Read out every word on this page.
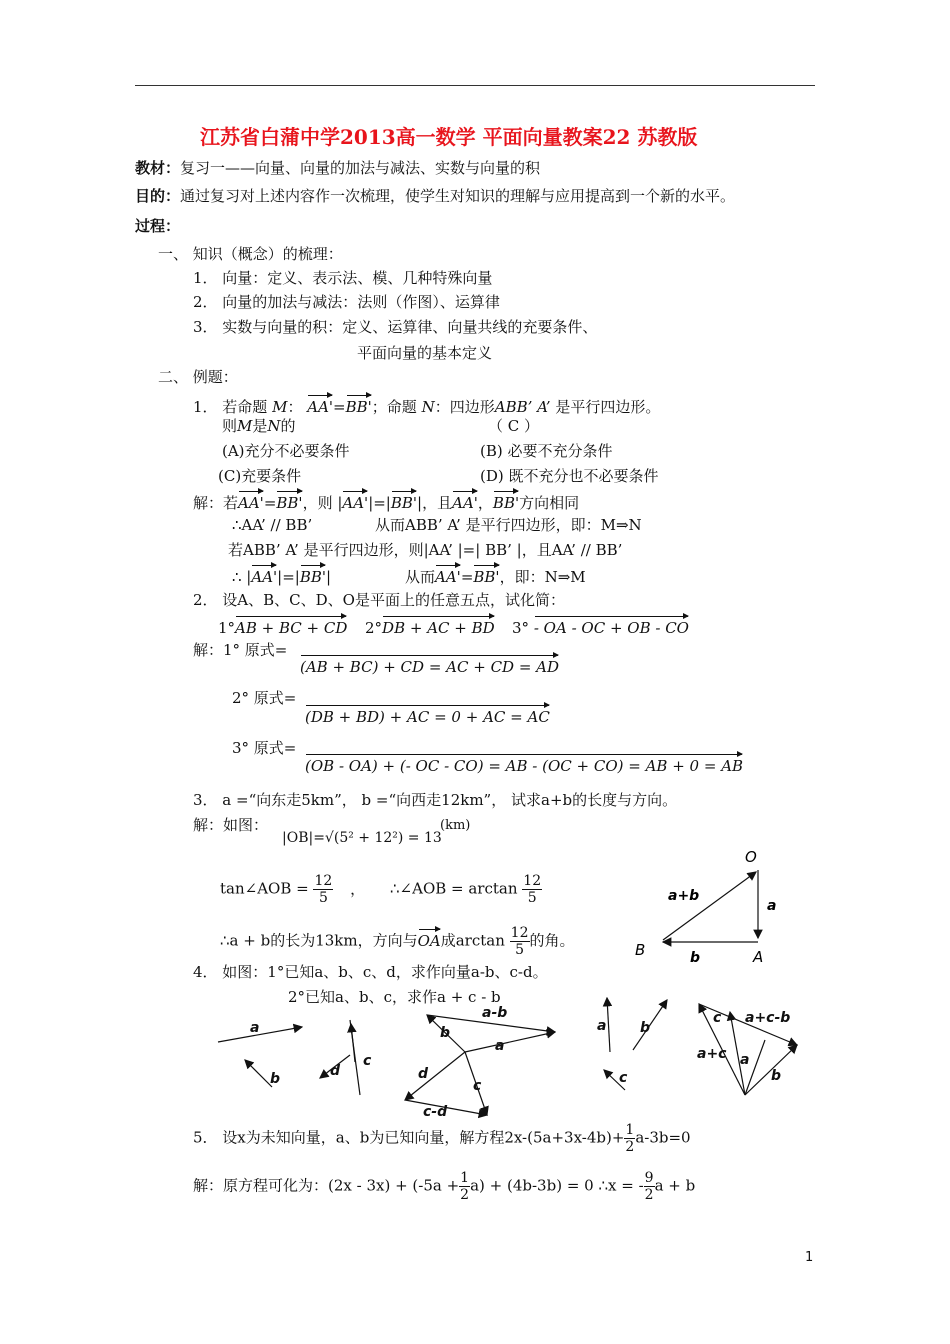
江苏省白蒲中学2013高一数学 平面向量教案22 苏教版
教材：复习一——向量、向量的加法与减法、实数与向量的积
目的：通过复习对上述内容作一次梳理，使学生对知识的理解与应用提高到一个新的水平。
过程：
一、 知识（概念）的梳理：
1． 向量：定义、表示法、模、几种特殊向量
2． 向量的加法与减法：法则（作图）、运算律
3． 实数与向量的积：定义、运算律、向量共线的充要条件、
平面向量的基本定义
二、 例题：
1． 若命题 M： AA'=BB'；命题 N：四边形ABB’ A’ 是平行四边形。
则M是N的	（ C ）
(A)充分不必要条件	(B) 必要不充分条件
(C)充要条件	(D) 既不充分也不必要条件
解：若AA'=BB'，则 |AA'|=|BB'|，且AA'，BB'方向相同
∴AA’ // BB’	从而ABB’ A’ 是平行四边形，即：M⇒N
若ABB’ A’ 是平行四边形，则|AA’ |=| BB’ |，且AA’ // BB’
∴ |AA'|=|BB'|	从而AA'=BB'，即：N⇒M
2． 设A、B、C、D、O是平面上的任意五点，试化简：
1°AB + BC + CD 2°DB + AC + BD 3° - OA - OC + OB - CO
解：1° 原式=
(AB + BC) + CD = AC + CD = AD
2° 原式=
(DB + BD) + AC = 0 + AC = AC
3° 原式=
(OB - OA) + (- OC - CO) = AB - (OC + CO) = AB + 0 = AB
3． a =“向东走5km”， b =“向西走12km”， 试求a+b的长度与方向。
解：如图：
|OB|=√(5² + 12²) = 13
(km)
tan∠AOB = $\frac{12}{5}$ ， ∴∠AOB = $\arctan \frac{12}{5}$
∴a + b的长为13km，方向与OA成$\arctan \frac{12}{5}$ 的角。
O
B	A
a+b
a
b
4． 如图：1°已知a、b、c、d，求作向量a-b、c-d。
2°已知a、b、c，求作a + c - b
a
b	d
c
a-b
b
a
d
c
c-d
a b
c
c a+c-b
a+c a
b
5． 设x为未知向量，a、b为已知向量，解方程$2x-(5a+3x-4b)+ \frac{1}{2} a-3b=0$
解：原方程可化为：$(2x - 3x) + (-5a + \frac{1}{2} a) + (4b-3b) = 0$ ∴x = - $\frac{9}{2}$ a + b
1
